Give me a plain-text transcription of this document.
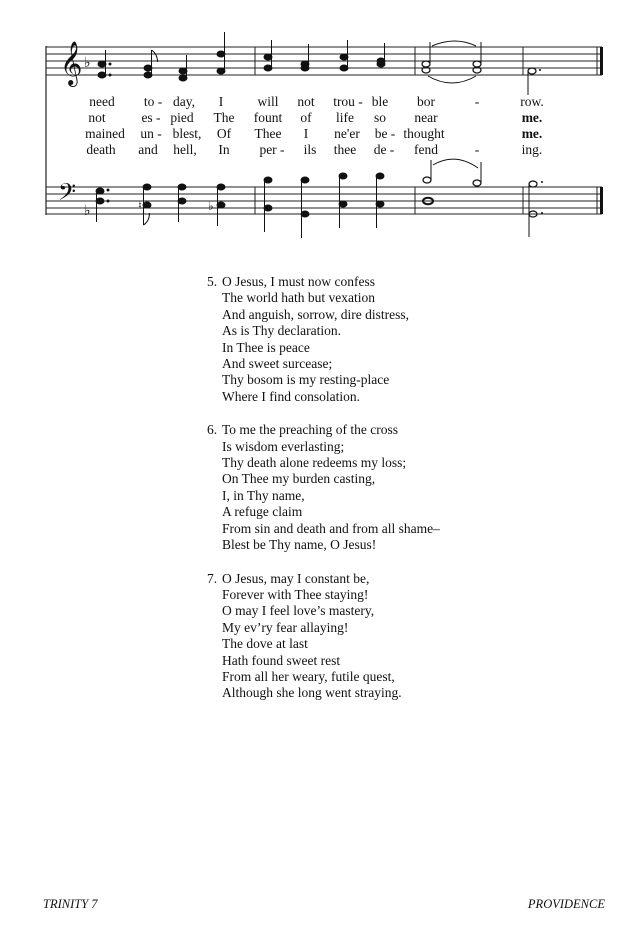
𝄞
𝄢
♭
♭	♮	♭
need to - day, I	will not trou - ble bor	-	row.
not	es - pied The fount of life so near	me.
mained un - blest, Of Thee I ne'er be - thought	me.
death and hell, In per - ils thee de - fend	-	ing.
5. O Jesus, I must now confess
The world hath but vexation
And anguish, sorrow, dire distress,
As is Thy declaration.
In Thee is peace
And sweet surcease;
Thy bosom is my resting-place
Where I find consolation.
6. To me the preaching of the cross
Is wisdom everlasting;
Thy death alone redeems my loss;
On Thee my burden casting,
I, in Thy name,
A refuge claim
From sin and death and from all shame–
Blest be Thy name, O Jesus!
7. O Jesus, may I constant be,
Forever with Thee staying!
O may I feel love’s mastery,
My ev’ry fear allaying!
The dove at last
Hath found sweet rest
From all her weary, futile quest,
Although she long went straying.
TRINITY 7	PROVIDENCE
